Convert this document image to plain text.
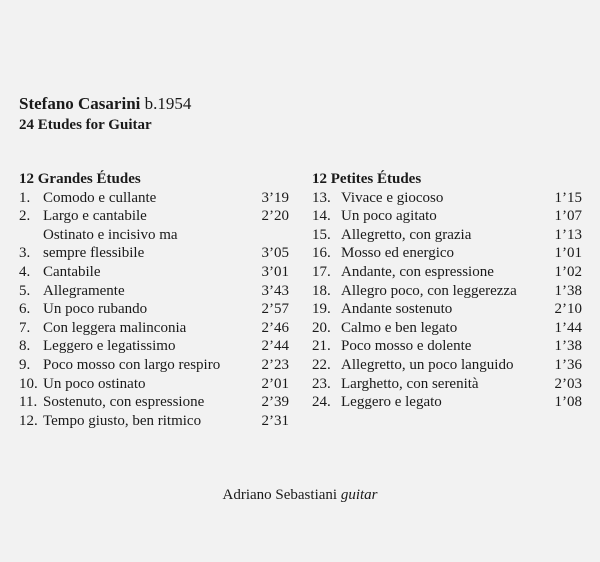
Stefano Casarini b.1954
24 Etudes for Guitar
12 Grandes Études
1. Comodo e cullante	3’19
2. Largo e cantabile	2’20
3.
Ostinato e incisivo ma
sempre flessibile	3’05
4. Cantabile	3’01
5. Allegramente	3’43
6. Un poco rubando	2’57
7. Con leggera malinconia	2’46
8. Leggero e legatissimo	2’44
9. Poco mosso con largo respiro	2’23
10. Un poco ostinato	2’01
11. Sostenuto, con espressione	2’39
12. Tempo giusto, ben ritmico	2’31
12 Petites Études
13. Vivace e giocoso	1’15
14. Un poco agitato	1’07
15. Allegretto, con grazia	1’13
16. Mosso ed energico	1’01
17. Andante, con espressione	1’02
18. Allegro poco, con leggerezza	1’38
19. Andante sostenuto	2’10
20. Calmo e ben legato	1’44
21. Poco mosso e dolente	1’38
22. Allegretto, un poco languido	1’36
23. Larghetto, con serenità	2’03
24. Leggero e legato	1’08
Adriano Sebastiani guitar
